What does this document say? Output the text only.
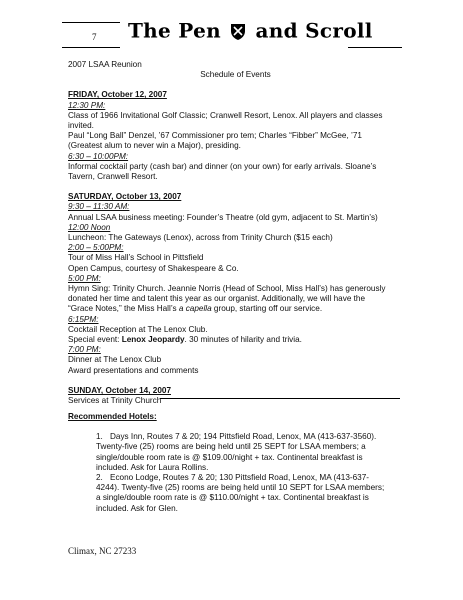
7 The Pen and Scroll
2007 LSAA Reunion
Schedule of Events
FRIDAY, October 12, 2007
12:30 PM:
Class of 1966 Invitational Golf Classic; Cranwell Resort, Lenox. All players and classes
invited.
Paul “Long Ball” Denzel, ’67 Commissioner pro tem; Charles “Fibber” McGee, ’71
(Greatest alum to never win a Major), presiding.
6:30 – 10:00PM:
Informal cocktail party (cash bar) and dinner (on your own) for early arrivals. Sloane’s
Tavern, Cranwell Resort.
SATURDAY, October 13, 2007
9:30 – 11:30 AM:
Annual LSAA business meeting: Founder’s Theatre (old gym, adjacent to St. Martin’s)
12:00 Noon
Luncheon: The Gateways (Lenox), across from Trinity Church ($15 each)
2:00 – 5:00PM:
Tour of Miss Hall’s School in Pittsfield
Open Campus, courtesy of Shakespeare & Co.
5:00 PM:
Hymn Sing: Trinity Church. Jeannie Norris (Head of School, Miss Hall’s) has generously
donated her time and talent this year as our organist. Additionally, we will have the
“Grace Notes,” the Miss Hall’s a capella group, starting off our service.
6:15PM:
Cocktail Reception at The Lenox Club.
Special event: Lenox Jeopardy. 30 minutes of hilarity and trivia.
7:00 PM:
Dinner at The Lenox Club
Award presentations and comments
SUNDAY, October 14, 2007
Services at Trinity Church
Recommended Hotels:
1. Days Inn, Routes 7 & 20; 194 Pittsfield Road, Lenox, MA (413-637-3560).
Twenty-five (25) rooms are being held until 25 SEPT for LSAA members; a
single/double room rate is @ $109.00/night + tax. Continental breakfast is
included. Ask for Laura Rollins.
2. Econo Lodge, Routes 7 & 20; 130 Pittsfield Road, Lenox, MA (413-637-
4244). Twenty-five (25) rooms are being held until 10 SEPT for LSAA members;
a single/double room rate is @ $110.00/night + tax. Continental breakfast is
included. Ask for Glen.
Climax, NC 27233
